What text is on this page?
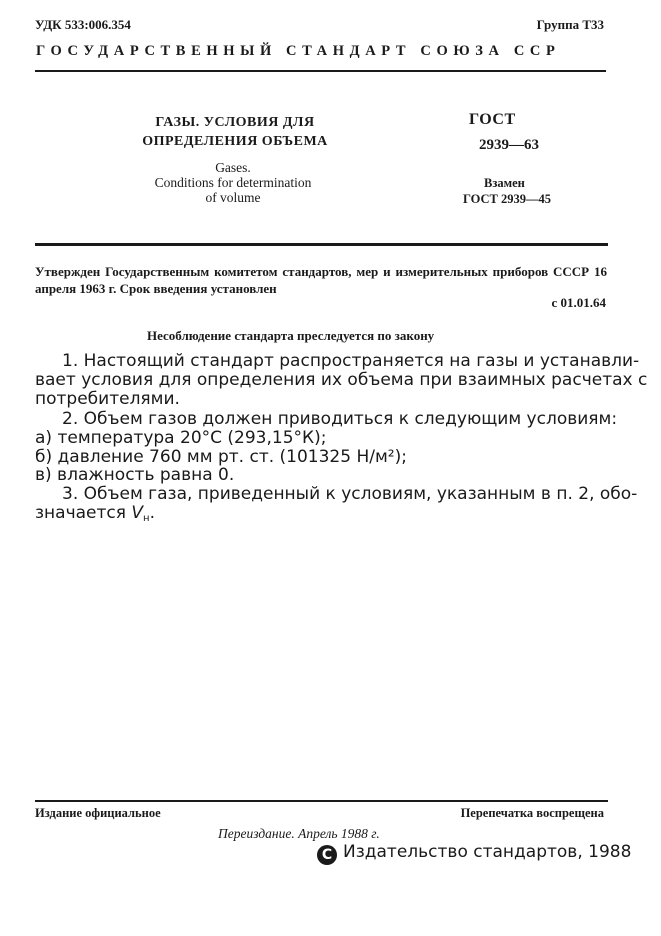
УДК 533:006.354	Группа Т33
ГОСУДАРСТВЕННЫЙ СТАНДАРТ СОЮЗА ССР
ГАЗЫ. УСЛОВИЯ ДЛЯ
ОПРЕДЕЛЕНИЯ ОБЪЕМА
Gases.
Conditions for determination
of volume
ГОСТ
2939—63
Взамен
ГОСТ 2939—45
Утвержден Государственным комитетом стандартов, мер и измерительных приборов СССР 16 апреля 1963 г. Срок введения установлен
с 01.01.64
Несоблюдение стандарта преследуется по закону
1. Настоящий стандарт распространяется на газы и устанавли-
вает условия для определения их объема при взаимных расчетах с
потребителями.
2. Объем газов должен приводиться к следующим условиям:
а) температура 20°С (293,15°К);
б) давление 760 мм рт. ст. (101325 Н/м²);
в) влажность равна 0.
3. Объем газа, приведенный к условиям, указанным в п. 2, обо-
значается $V_н$.
Издание официальное	Перепечатка воспрещена
Переиздание. Апрель 1988 г.
С Издательство стандартов, 1988
